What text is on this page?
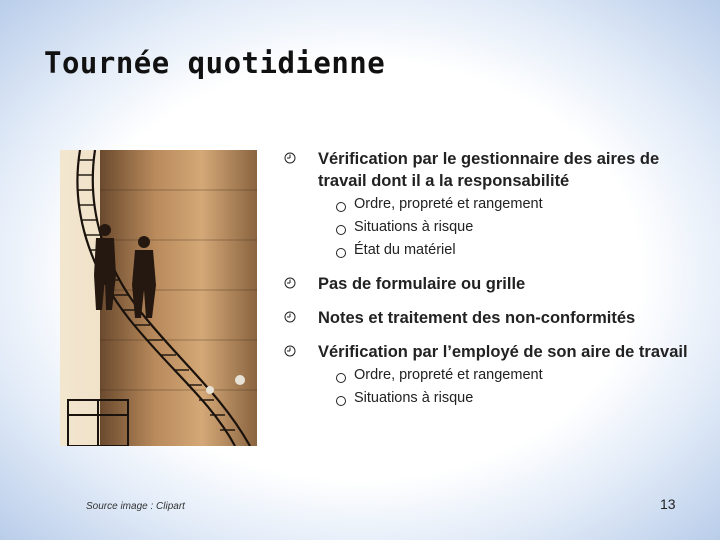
Tournée quotidienne
Vérification par le gestionnaire des aires de travail dont il a la responsabilité
Ordre, propreté et rangement
Situations à risque
État du matériel
Pas de formulaire ou grille
Notes et traitement des non-conformités
Vérification par l’employé de son aire de travail
Ordre, propreté et rangement
Situations à risque
Source image : Clipart	13
